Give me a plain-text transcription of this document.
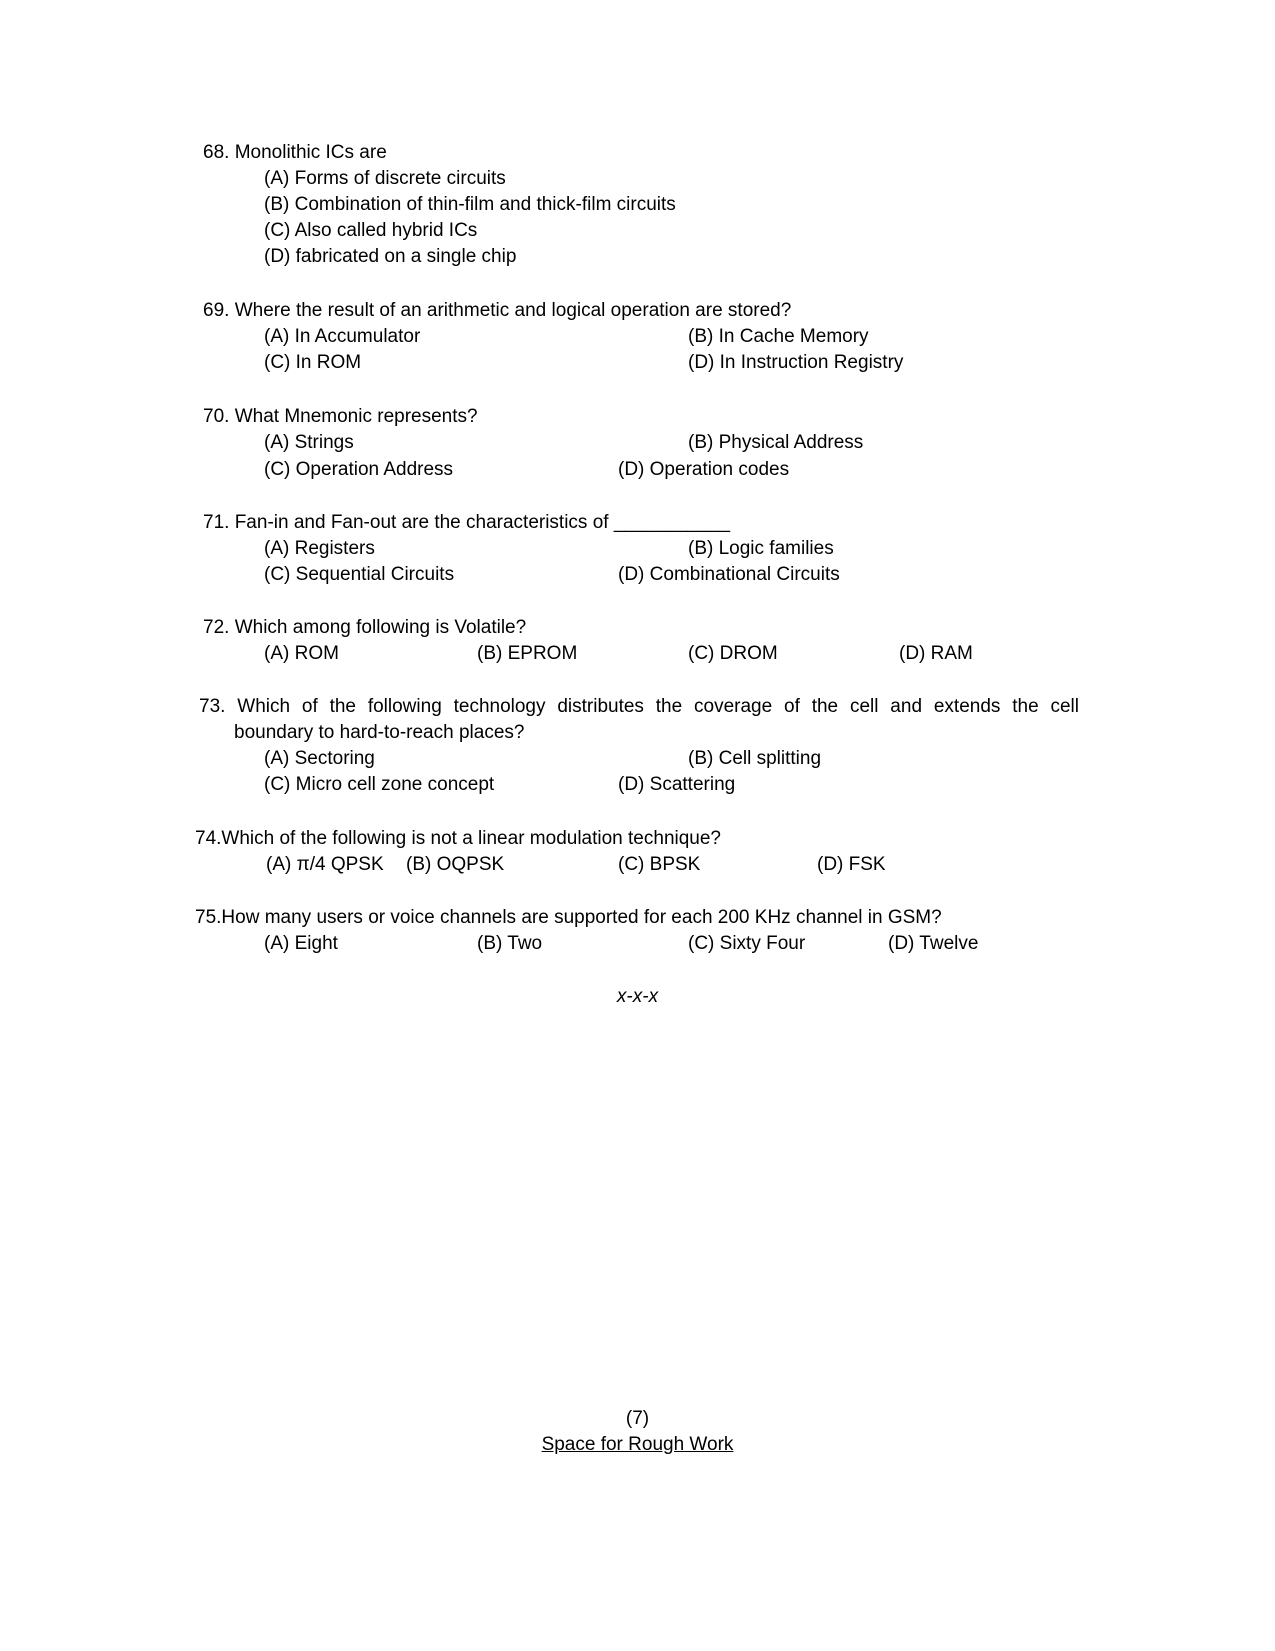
68. Monolithic ICs are
(A) Forms of discrete circuits
(B) Combination of thin-film and thick-film circuits
(C) Also called hybrid ICs
(D) fabricated on a single chip
69. Where the result of an arithmetic and logical operation are stored?
(A) In Accumulator	(B) In Cache Memory
(C) In ROM	(D) In Instruction Registry
70. What Mnemonic represents?
(A) Strings	(B) Physical Address
(C) Operation Address	(D) Operation codes
71. Fan-in and Fan-out are the characteristics of ___________
(A) Registers	(B) Logic families
(C) Sequential Circuits	(D) Combinational Circuits
72. Which among following is Volatile?
(A) ROM	(B) EPROM	(C) DROM	(D) RAM
73. Which of the following technology distributes the coverage of the cell and extends the cell
boundary to hard-to-reach places?
(A) Sectoring	(B) Cell splitting
(C) Micro cell zone concept	(D) Scattering
74.Which of the following is not a linear modulation technique?
(A) π/4 QPSK (B) OQPSK	(C) BPSK	(D) FSK
75.How many users or voice channels are supported for each 200 KHz channel in GSM?
(A) Eight	(B) Two	(C) Sixty Four	(D) Twelve
x-x-x
(7)
Space for Rough Work
